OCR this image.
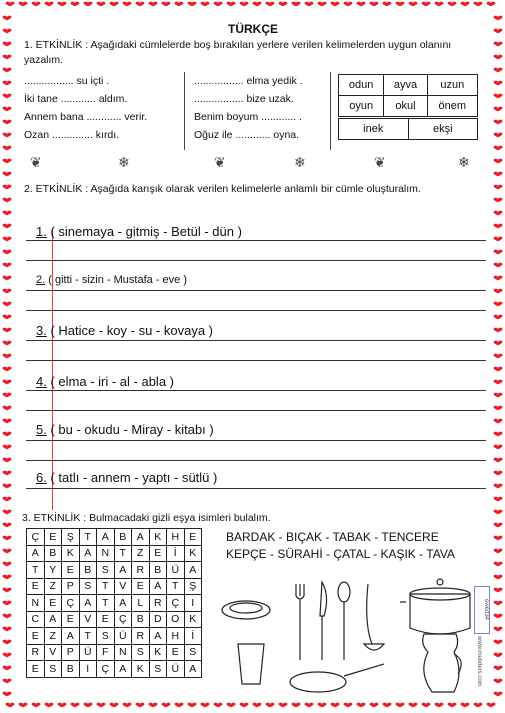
TÜRKÇE
1. ETKİNLİK : Aşağıdaki cümlelerde boş bırakılan yerlere verilen kelimelerden uygun olanını yazalım.
................. su içti .
İki tane ............ aldım.
Annem bana ............ verir.
Ozan .............. kırdı.
................. elma yedik .
................. bize uzak.
Benim boyum ............ .
Oğuz ile ............ oyna.
odun	ayva	uzun
oyun	okul	önem
inek	ekşi
❦	❄	❦	❄	❦	❄
2. ETKİNLİK : Aşağıda karışık olarak verilen kelimelerle anlamlı bir cümle oluşturalım.
1. ( sinemaya - gitmiş - Betül - dün )
2. ( gitti - sizin - Mustafa - eve )
3. ( Hatice - koy - su - kovaya )
4. ( elma - iri - al - abla )
5. ( bu - okudu - Miray - kitabı )
6. ( tatlı - annem - yaptı - sütlü )
3. ETKİNLİK : Bulmacadaki gizli eşya isimleri bulalım.
Ç	E	Ş	T	A	B	A	K	H	E
A	B	K	A	N	T	Z	E	İ	K
T	Y	E	B	S	A	R	B	Ü	A
E	Z	P	S	T	V	E	A	T	Ş
N	E	Ç	A	T	A	L	R	Ç	I
C	A	E	V	E	Ç	B	D	O	K
E	Z	A	T	S	Ü	R	A	H	İ
R	V	P	Ü	F	N	S	K	E	S
E	S	B	I	Ç	A	K	S	Ü	A
BARDAK - BIÇAK - TABAK - TENCERE
KEPÇE - SÜRAHİ - ÇATAL - KAŞIK - TAVA
ewed34
www.mebders.com
